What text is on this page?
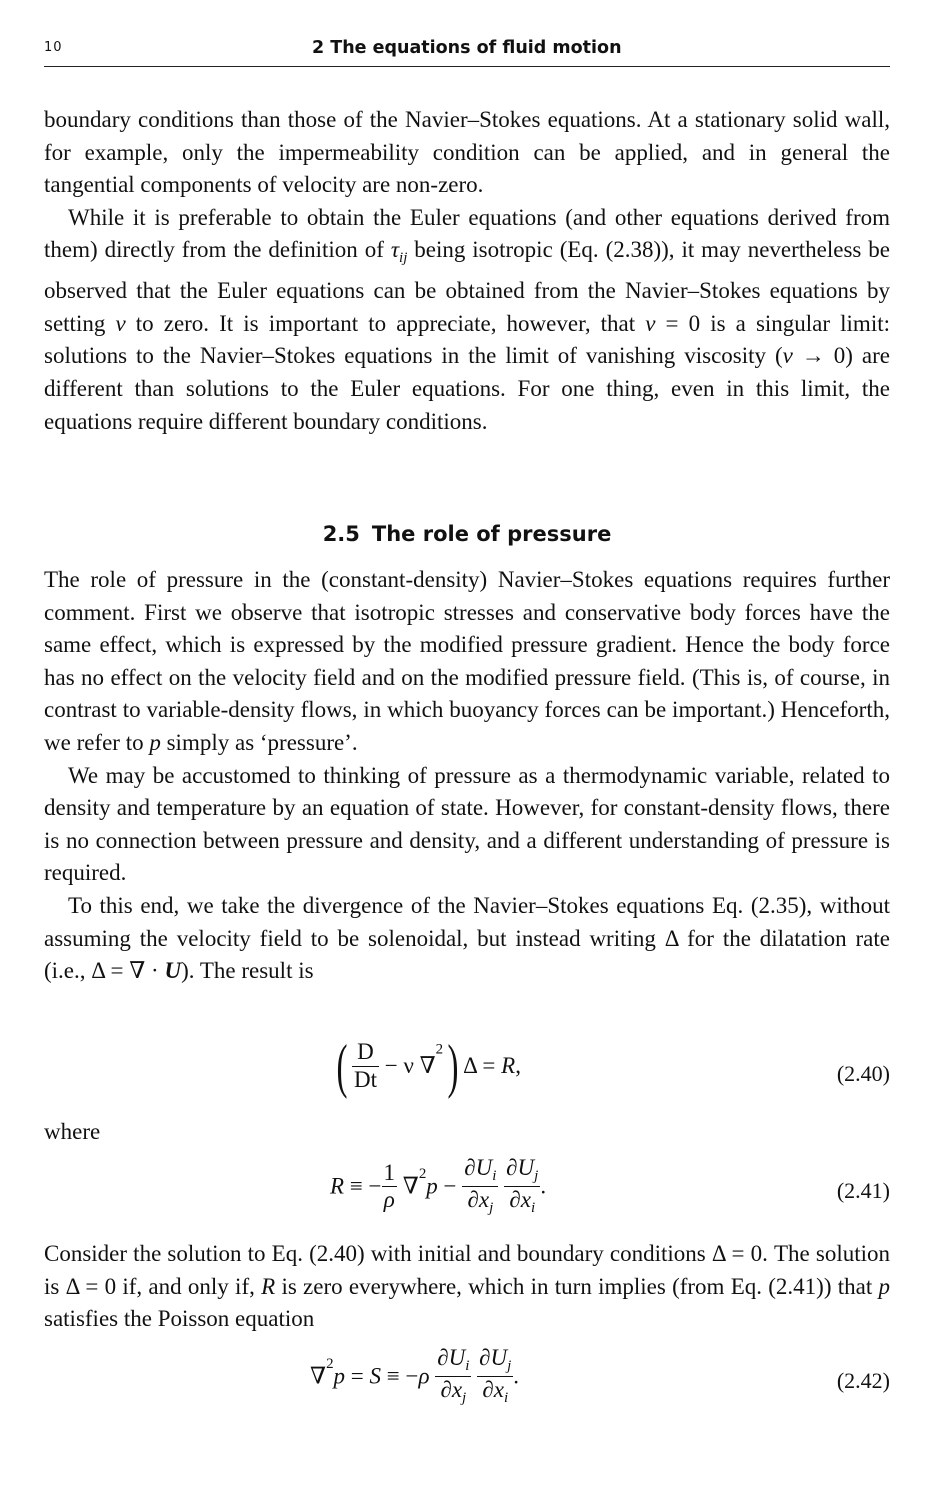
10	2 The equations of fluid motion

boundary conditions than those of the Navier–Stokes equations. At a stationary solid wall, for example, only the impermeability condition can be applied, and in general the tangential components of velocity are non-zero.

While it is preferable to obtain the Euler equations (and other equations derived from them) directly from the definition of $\tau_{ij}$ being isotropic (Eq. (2.38)), it may nevertheless be observed that the Euler equations can be obtained from the Navier–Stokes equations by setting ν to zero. It is important to appreciate, however, that ν = 0 is a singular limit: solutions to the Navier–Stokes equations in the limit of vanishing viscosity (ν → 0) are different than solutions to the Euler equations. For one thing, even in this limit, the equations require different boundary conditions.

2.5 The role of pressure

The role of pressure in the (constant-density) Navier–Stokes equations requires further comment. First we observe that isotropic stresses and conservative body forces have the same effect, which is expressed by the modified pressure gradient. Hence the body force has no effect on the velocity field and on the modified pressure field. (This is, of course, in contrast to variable-density flows, in which buoyancy forces can be important.) Henceforth, we refer to p simply as ‘pressure’.

We may be accustomed to thinking of pressure as a thermodynamic variable, related to density and temperature by an equation of state. However, for constant-density flows, there is no connection between pressure and density, and a different understanding of pressure is required.

To this end, we take the divergence of the Navier–Stokes equations Eq. (2.35), without assuming the velocity field to be solenoidal, but instead writing Δ for the dilatation rate (i.e., Δ = ∇ · U). The result is

( $\frac{D}{Dt} - \nu$ ∇$^2$) Δ = R,	(2.40)

where

R ≡ − $\frac{1}{\rho} \nabla^2p - \frac{\partial U_i}{\partial x_j}$
$\frac{\partial U_j}{\partial x_i}$ .	(2.41)

Consider the solution to Eq. (2.40) with initial and boundary conditions Δ = 0. The solution is Δ = 0 if, and only if, R is zero everywhere, which in turn implies (from Eq. (2.41)) that p satisfies the Poisson equation

$\nabla^2p = S \equiv -\rho \frac{\partial U_i}{\partial x_j}$
$\frac{\partial U_j}{\partial x_i}$ .	(2.42)
